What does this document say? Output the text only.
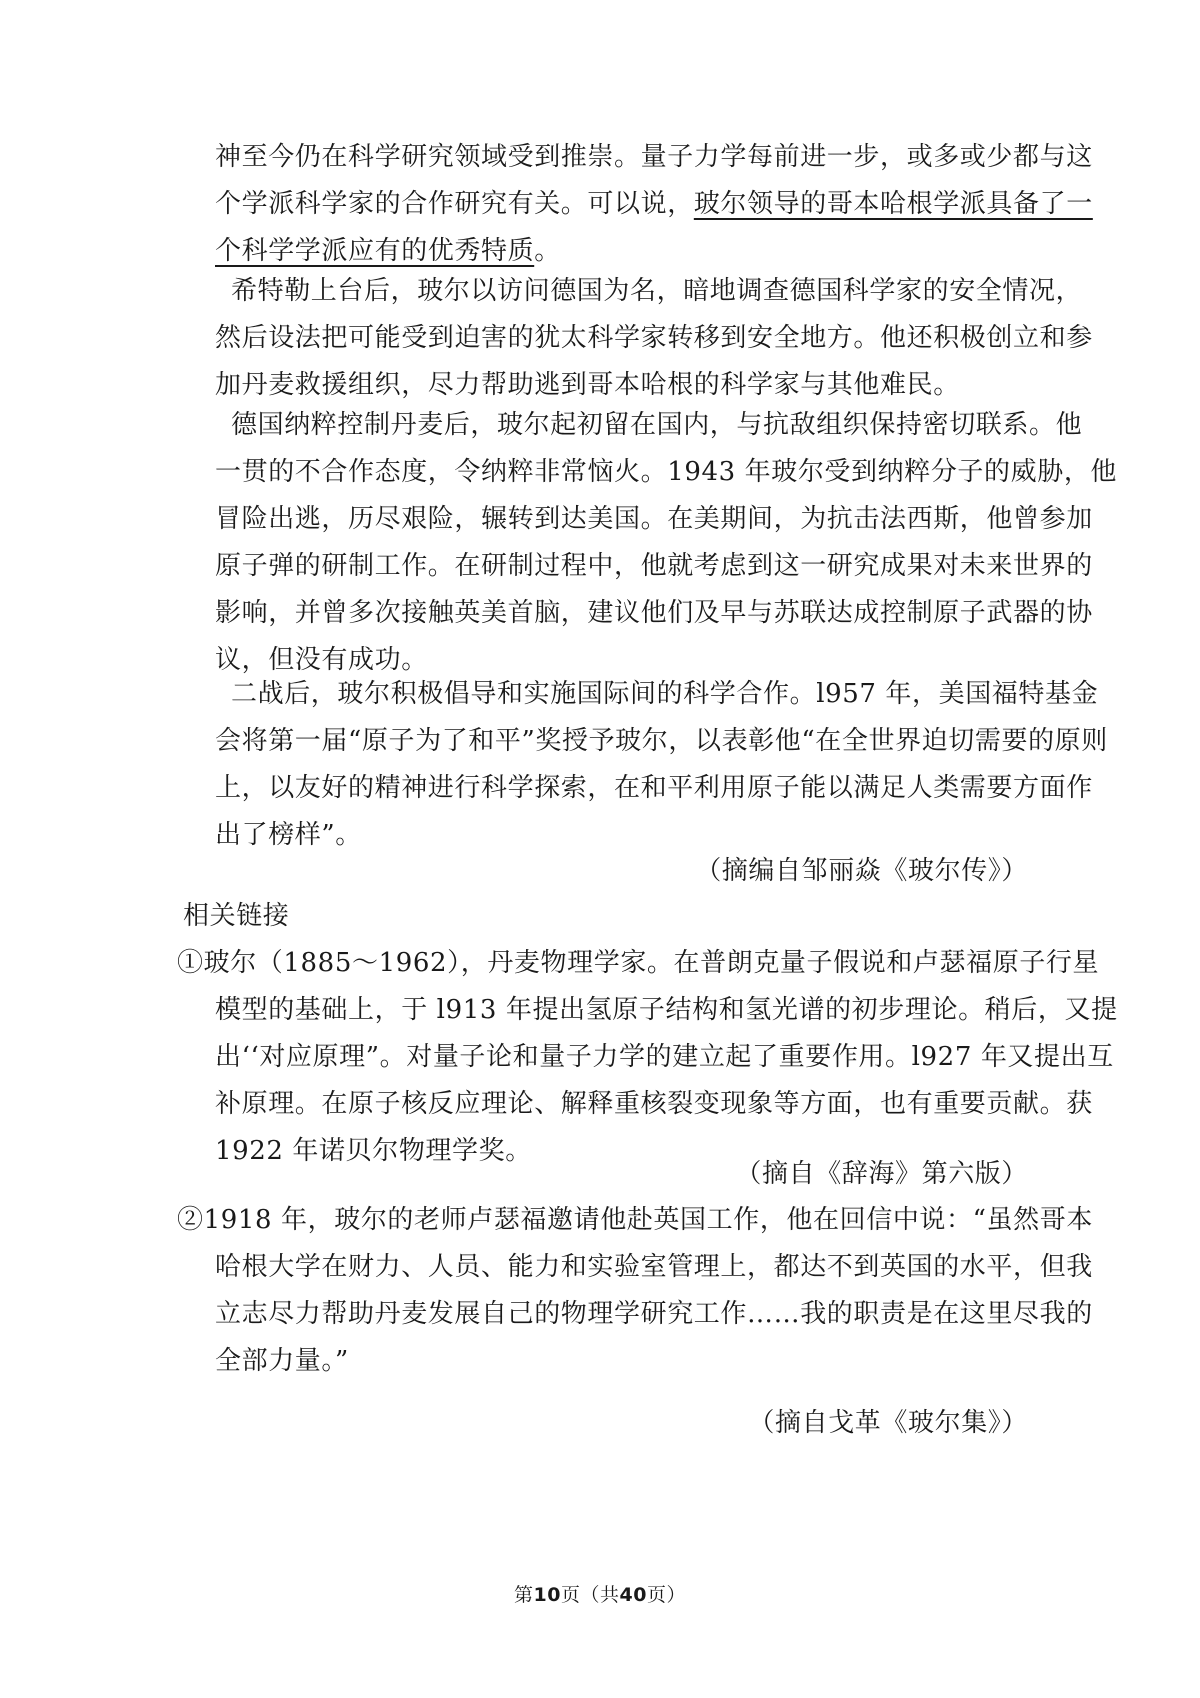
神至今仍在科学研究领域受到推崇。量子力学每前进一步，或多或少都与这
个学派科学家的合作研究有关。可以说，玻尔领导的哥本哈根学派具备了一
个科学学派应有的优秀特质。
希特勒上台后，玻尔以访问德国为名，暗地调查德国科学家的安全情况，
然后设法把可能受到迫害的犹太科学家转移到安全地方。他还积极创立和参
加丹麦救援组织，尽力帮助逃到哥本哈根的科学家与其他难民。
德国纳粹控制丹麦后，玻尔起初留在国内，与抗敌组织保持密切联系。他
一贯的不合作态度，令纳粹非常恼火。1943 年玻尔受到纳粹分子的威胁，他
冒险出逃，历尽艰险，辗转到达美国。在美期间，为抗击法西斯，他曾参加
原子弹的研制工作。在研制过程中，他就考虑到这一研究成果对未来世界的
影响，并曾多次接触英美首脑，建议他们及早与苏联达成控制原子武器的协
议，但没有成功。
二战后，玻尔积极倡导和实施国际间的科学合作。l957 年，美国福特基金
会将第一届“原子为了和平”奖授予玻尔，以表彰他“在全世界迫切需要的原则
上，以友好的精神进行科学探索，在和平利用原子能以满足人类需要方面作
出了榜样”。
（摘编自邹丽焱《玻尔传》）
相关链接
①玻尔（1885～1962），丹麦物理学家。在普朗克量子假说和卢瑟福原子行星
模型的基础上，于 l913 年提出氢原子结构和氢光谱的初步理论。稍后，又提
出‘‘对应原理”。对量子论和量子力学的建立起了重要作用。l927 年又提出互
补原理。在原子核反应理论、解释重核裂变现象等方面，也有重要贡献。获
1922 年诺贝尔物理学奖。
（摘自《辞海》第六版）
②1918 年，玻尔的老师卢瑟福邀请他赴英国工作，他在回信中说：“虽然哥本
哈根大学在财力、人员、能力和实验室管理上，都达不到英国的水平，但我
立志尽力帮助丹麦发展自己的物理学研究工作……我的职责是在这里尽我的
全部力量。”
（摘自戈革《玻尔集》）
第10页（共40页）
